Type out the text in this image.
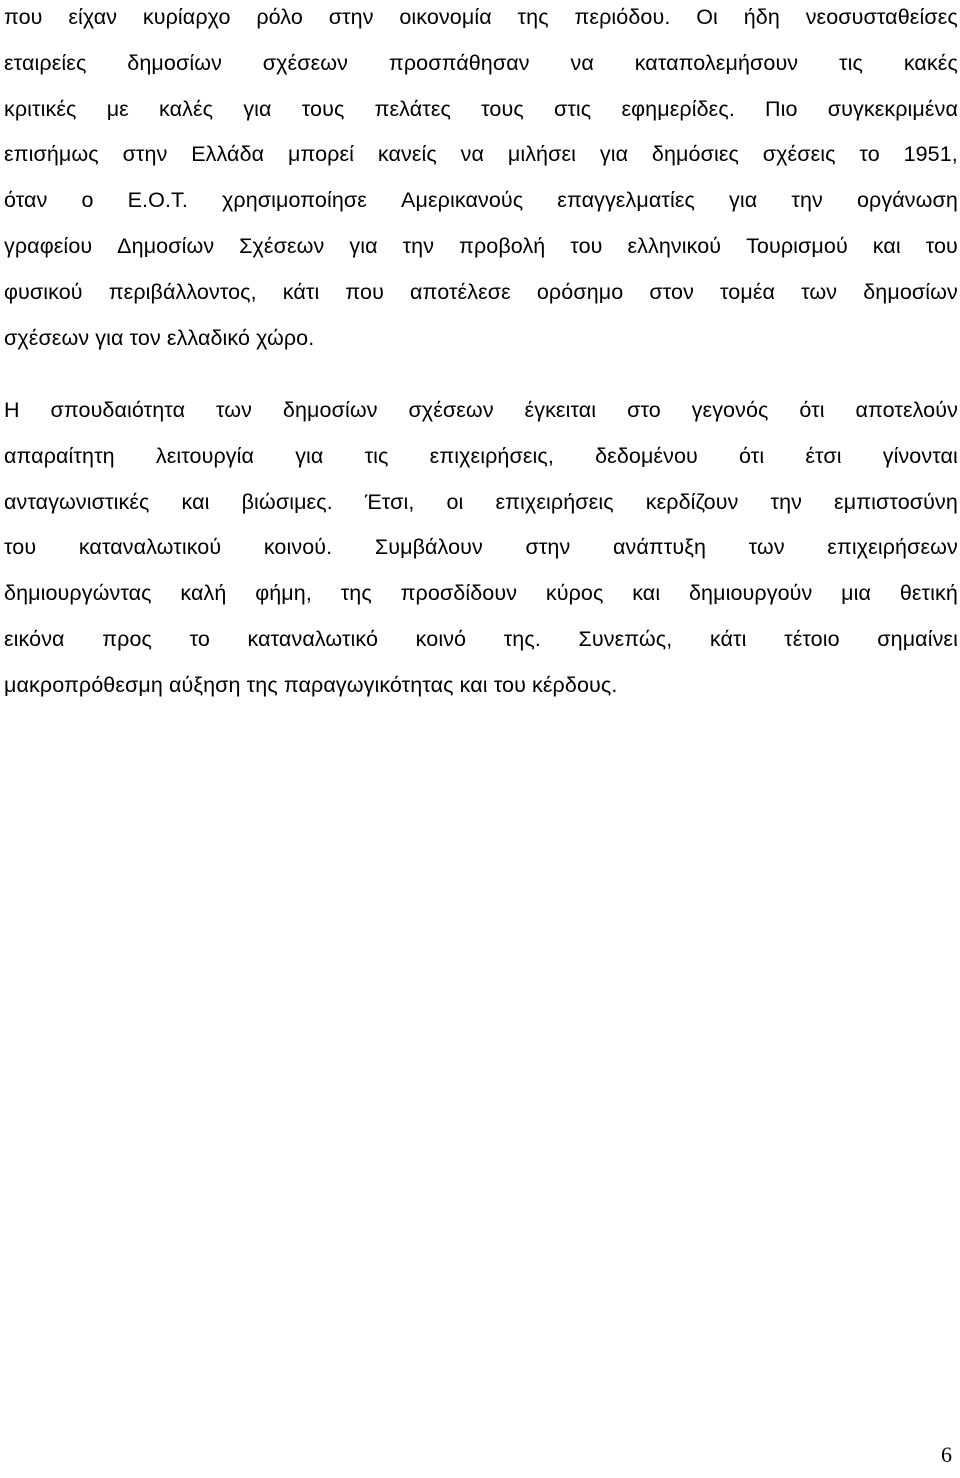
που είχαν κυρίαρχο ρόλο στην οικονομία της περιόδου. Οι ήδη νεοσυσταθείσες
εταιρείες δημοσίων σχέσεων προσπάθησαν να καταπολεμήσουν τις κακές
κριτικές με καλές για τους πελάτες τους στις εφημερίδες. Πιο συγκεκριμένα
επισήμως στην Ελλάδα μπορεί κανείς να μιλήσει για δημόσιες σχέσεις το 1951,
όταν ο Ε.Ο.Τ. χρησιμοποίησε Αμερικανούς επαγγελματίες για την οργάνωση
γραφείου Δημοσίων Σχέσεων για την προβολή του ελληνικού Τουρισμού και του
φυσικού περιβάλλοντος, κάτι που αποτέλεσε ορόσημο στον τομέα των δημοσίων
σχέσεων για τον ελλαδικό χώρο.
Η σπουδαιότητα των δημοσίων σχέσεων έγκειται στο γεγονός ότι αποτελούν
απαραίτητη λειτουργία για τις επιχειρήσεις, δεδομένου ότι έτσι γίνονται
ανταγωνιστικές και βιώσιμες. Έτσι, οι επιχειρήσεις κερδίζουν την εμπιστοσύνη
του καταναλωτικού κοινού. Συμβάλουν στην ανάπτυξη των επιχειρήσεων
δημιουργώντας καλή φήμη, της προσδίδουν κύρος και δημιουργούν μια θετική
εικόνα προς το καταναλωτικό κοινό της. Συνεπώς, κάτι τέτοιο σημαίνει
μακροπρόθεσμη αύξηση της παραγωγικότητας και του κέρδους.
6
